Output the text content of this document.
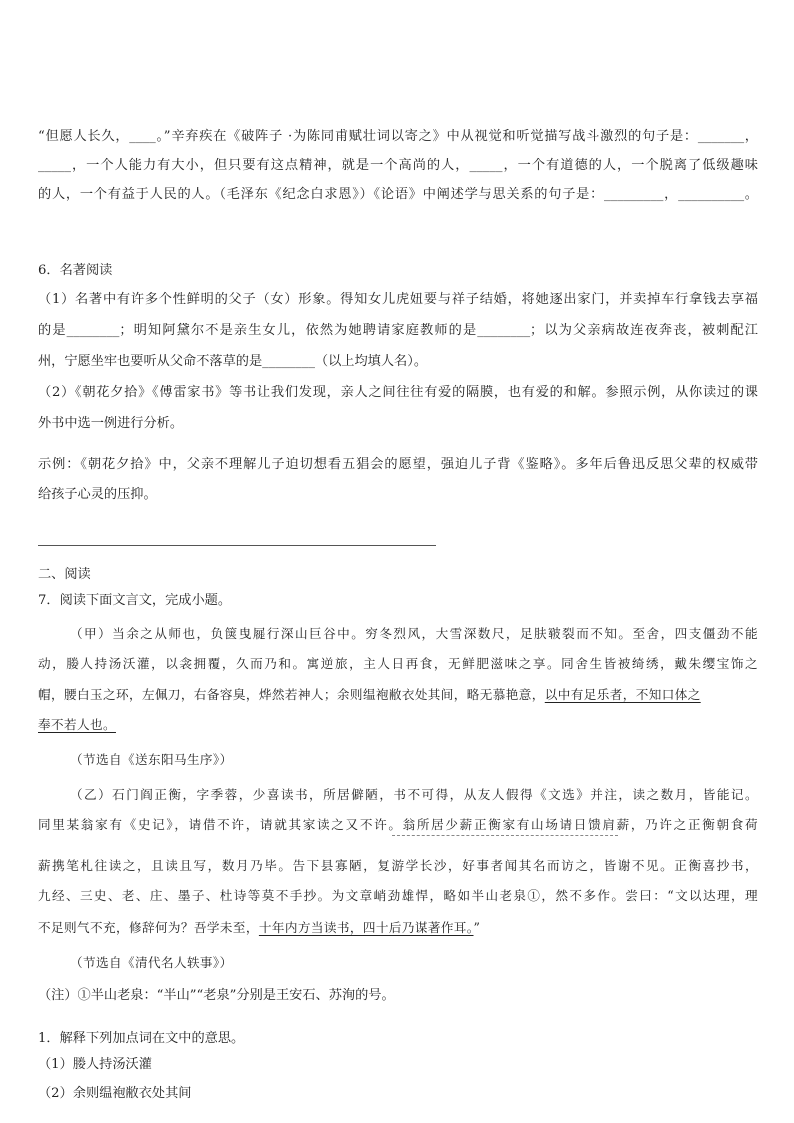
“但愿人长久，____。”辛弃疾在《破阵子 ·为陈同甫赋壮词以寄之》中从视觉和听觉描写战斗激烈的句子是：_______，
_____，一个人能力有大小，但只要有这点精神，就是一个高尚的人，_____，一个有道德的人，一个脱离了低级趣味
的人，一个有益于人民的人。（毛泽东《纪念白求恩》）《论语》中阐述学与思关系的句子是：_________，__________。
6．名著阅读
（1）名著中有许多个性鲜明的父子（女）形象。得知女儿虎妞要与祥子结婚，将她逐出家门，并卖掉车行拿钱去享福
的是________；明知阿黛尔不是亲生女儿，依然为她聘请家庭教师的是________；以为父亲病故连夜奔丧，被刺配江
州，宁愿坐牢也要听从父命不落草的是________（以上均填人名）。
（2）《朝花夕拾》《傅雷家书》等书让我们发现，亲人之间往往有爱的隔膜，也有爱的和解。参照示例，从你读过的课
外书中选一例进行分析。
示例：《朝花夕拾》中，父亲不理解儿子迫切想看五猖会的愿望，强迫儿子背《鉴略》。多年后鲁迅反思父辈的权威带
给孩子心灵的压抑。
二、阅读
7．阅读下面文言文，完成小题。
（甲）当余之从师也，负箧曳屣行深山巨谷中。穷冬烈风，大雪深数尺，足肤皲裂而不知。至舍，四支僵劲不能
动，媵人持汤沃灌，以衾拥覆，久而乃和。寓逆旅，主人日再食，无鲜肥滋味之享。同舍生皆被绮绣，戴朱缨宝饰之
帽，腰白玉之环，左佩刀，右备容臭，烨然若神人；余则缊袍敝衣处其间，略无慕艳意，以中有足乐者，不知口体之
奉不若人也。
（节选自《送东阳马生序》）
（乙）石门阎正衡，字季蓉，少喜读书，所居僻陋，书不可得，从友人假得《文选》并注，读之数月，皆能记。
同里某翁家有《史记》，请借不许，请就其家读之又不许。翁所居少薪正衡家有山场请日馈肩薪，乃许之正衡朝食荷
薪携笔札往读之，且读且写，数月乃毕。告下县寡陋，复游学长沙，好事者闻其名而访之，皆谢不见。正衡喜抄书，
九经、三史、老、庄、墨子、杜诗等莫不手抄。为文章峭劲雄悍，略如半山老泉①，然不多作。尝曰：“文以达理，理
不足则气不充，修辞何为？吾学未至，十年内方当读书，四十后乃谋著作耳。”
（节选自《清代名人轶事》）
（注）①半山老泉：“半山”“老泉”分别是王安石、苏洵的号。
1．解释下列加点词在文中的意思。
（1）媵人持汤沃灌
（2）余则缊袍敝衣处其间
